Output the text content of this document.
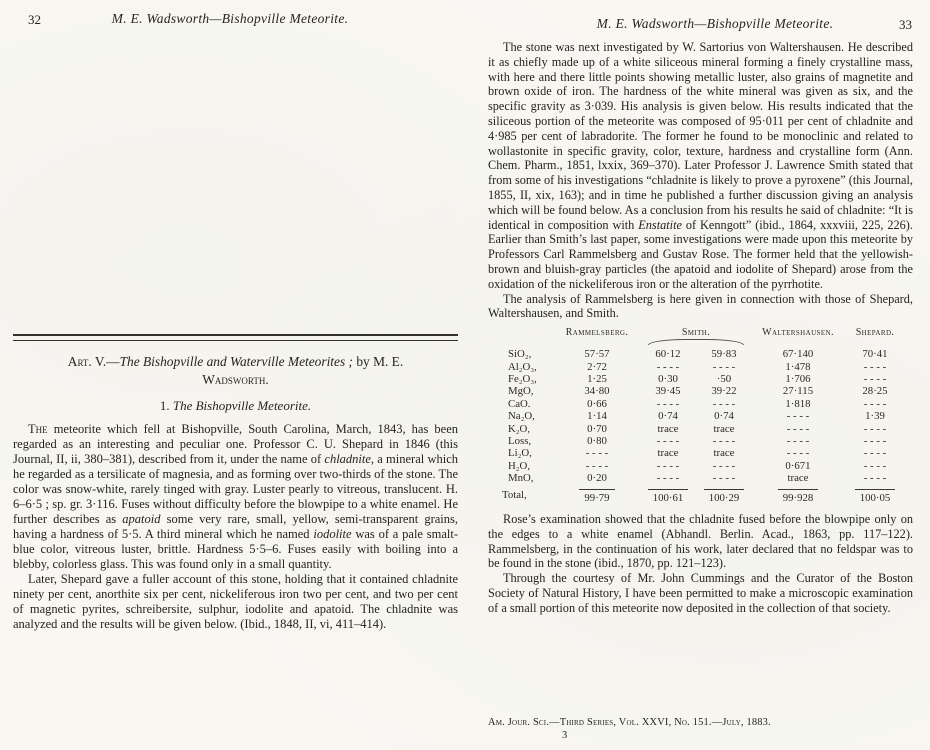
32	M. E. Wadsworth—Bishopville Meteorite.
Art. V.—The Bishopville and Waterville Meteorites ; by M. E.
Wadsworth.
1. The Bishopville Meteorite.

The meteorite which fell at Bishopville, South Carolina, March, 1843, has been regarded as an interesting and peculiar one. Professor C. U. Shepard in 1846 (this Journal, II, ii, 380–381), described from it, under the name of chladnite, a mineral which he regarded as a tersilicate of magnesia, and as forming over two-thirds of the stone. The color was snow-white, rarely tinged with gray. Luster pearly to vitreous, translucent. H. 6–6·5 ; sp. gr. 3·116. Fuses without difficulty before the blowpipe to a white enamel. He further describes as apatoid some very rare, small, yellow, semi-transparent grains, having a hardness of 5·5. A third mineral which he named iodolite was of a pale smalt-blue color, vitreous luster, brittle. Hardness 5·5–6. Fuses easily with boiling into a blebby, colorless glass. This was found only in a small quantity.

Later, Shepard gave a fuller account of this stone, holding that it contained chladnite ninety per cent, anorthite six per cent, nickeliferous iron two per cent, and two per cent of magnetic pyrites, schreibersite, sulphur, iodolite and apatoid. The chladnite was analyzed and the results will be given below. (Ibid., 1848, II, vi, 411–414).

33
M. E. Wadsworth—Bishopville Meteorite.

The stone was next investigated by W. Sartorius von Waltershausen. He described it as chiefly made up of a white siliceous mineral forming a finely crystalline mass, with here and there little points showing metallic luster, also grains of magnetite and brown oxide of iron. The hardness of the white mineral was given as six, and the specific gravity as 3·039. His analysis is given below. His results indicated that the siliceous portion of the meteorite was composed of 95·011 per cent of chladnite and 4·985 per cent of labradorite. The former he found to be monoclinic and related to wollastonite in specific gravity, color, texture, hardness and crystalline form (Ann. Chem. Pharm., 1851, lxxix, 369–370). Later Professor J. Lawrence Smith stated that from some of his investigations “chladnite is likely to prove a pyroxene” (this Journal, 1855, II, xix, 163); and in time he published a further discussion giving an analysis which will be found below. As a conclusion from his results he said of chladnite: “It is identical in composition with Enstatite of Kenngott” (ibid., 1864, xxxviii, 225, 226). Earlier than Smith’s last paper, some investigations were made upon this meteorite by Professors Carl Rammelsberg and Gustav Rose. The former held that the yellowish-brown and bluish-gray particles (the apatoid and iodolite of Shepard) arose from the oxidation of the nickeliferous iron or the alteration of the pyrrhotite.

The analysis of Rammelsberg is here given in connection with those of Shepard, Waltershausen, and Smith.

Rammelsberg.	Smith.	Waltershausen.	Shepard.
SiO₂,	57·57	60·12	59·83	67·140	70·41
Al₂O₃,	2·72	- - - -	- - - -	1·478	- - - -
Fe₂O₃,	1·25	0·30	·50	1·706	- - - -
MgO,	34·80	39·45	39·22	27·115	28·25
CaO.	0·66	- - - -	- - - -	1·818	- - - -
Na₂O,	1·14	0·74	0·74	- - - -	1·39
K₂O,	0·70	trace	trace	- - - -	- - - -
Loss,	0·80	- - - -	- - - -	- - - -	- - - -
Li₂O,	- - - -	trace	trace	- - - -	- - - -
H₂O,	- - - -	- - - -	- - - -	0·671	- - - -
MnO,	0·20	- - - -	- - - -	trace	- - - -
Total,	99·79	100·61	100·29	99·928	100·05

Rose’s examination showed that the chladnite fused before the blowpipe only on the edges to a white enamel (Abhandl. Berlin. Acad., 1863, pp. 117–122). Rammelsberg, in the continuation of his work, later declared that no feldspar was to be found in the stone (ibid., 1870, pp. 121–123).

Through the courtesy of Mr. John Cummings and the Curator of the Boston Society of Natural History, I have been permitted to make a microscopic examination of a small portion of this meteorite now deposited in the collection of that society.

Am. Jour. Sci.—Third Series, Vol. XXVI, No. 151.—July, 1883.
3
